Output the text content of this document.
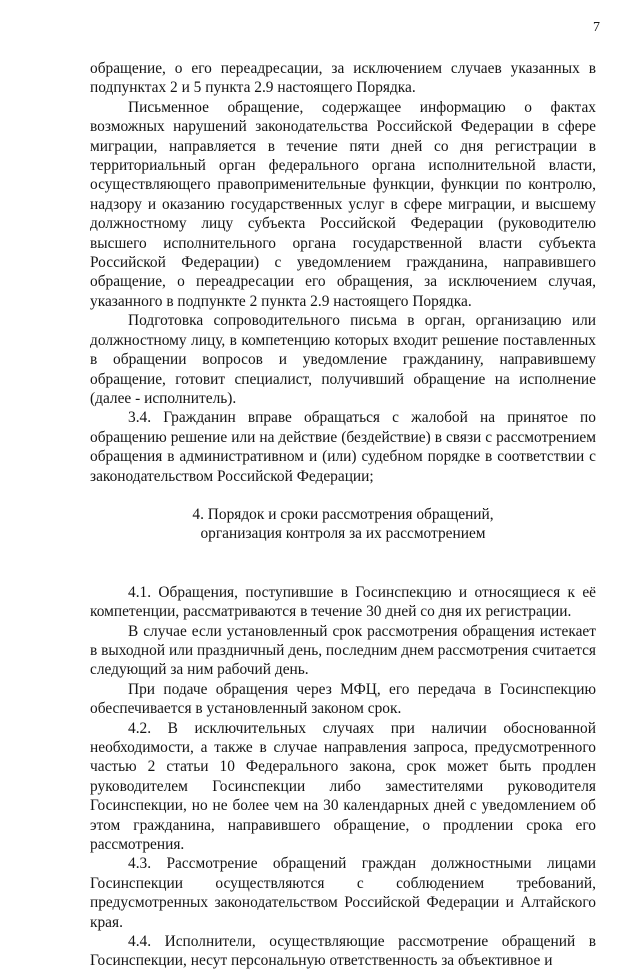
7

обращение, о его переадресации, за исключением случаев указанных в подпунктах 2 и 5 пункта 2.9 настоящего Порядка.

Письменное обращение, содержащее информацию о фактах возможных нарушений законодательства Российской Федерации в сфере миграции, направляется в течение пяти дней со дня регистрации в территориальный орган федерального органа исполнительной власти, осуществляющего правоприменительные функции, функции по контролю, надзору и оказанию государственных услуг в сфере миграции, и высшему должностному лицу субъекта Российской Федерации (руководителю высшего исполнительного органа государственной власти субъекта Российской Федерации) с уведомлением гражданина, направившего обращение, о переадресации его обращения, за исключением случая, указанного в подпункте 2 пункта 2.9 настоящего Порядка.

Подготовка сопроводительного письма в орган, организацию или должностному лицу, в компетенцию которых входит решение поставленных в обращении вопросов и уведомление гражданину, направившему обращение, готовит специалист, получивший обращение на исполнение (далее - исполнитель).

3.4. Гражданин вправе обращаться с жалобой на принятое по обращению решение или на действие (бездействие) в связи с рассмотрением обращения в административном и (или) судебном порядке в соответствии с законодательством Российской Федерации;

4. Порядок и сроки рассмотрения обращений,
организация контроля за их рассмотрением

4.1. Обращения, поступившие в Госинспекцию и относящиеся к её компетенции, рассматриваются в течение 30 дней со дня их регистрации.

В случае если установленный срок рассмотрения обращения истекает в выходной или праздничный день, последним днем рассмотрения считается следующий за ним рабочий день.

При подаче обращения через МФЦ, его передача в Госинспекцию обеспечивается в установленный законом срок.

4.2. В исключительных случаях при наличии обоснованной необходимости, а также в случае направления запроса, предусмотренного частью 2 статьи 10 Федерального закона, срок может быть продлен руководителем Госинспекции либо заместителями руководителя Госинспекции, но не более чем на 30 календарных дней с уведомлением об этом гражданина, направившего обращение, о продлении срока его рассмотрения.

4.3. Рассмотрение обращений граждан должностными лицами Госинспекции осуществляются с соблюдением требований, предусмотренных законодательством Российской Федерации и Алтайского края.

4.4. Исполнители, осуществляющие рассмотрение обращений в Госинспекции, несут персональную ответственность за объективное и
